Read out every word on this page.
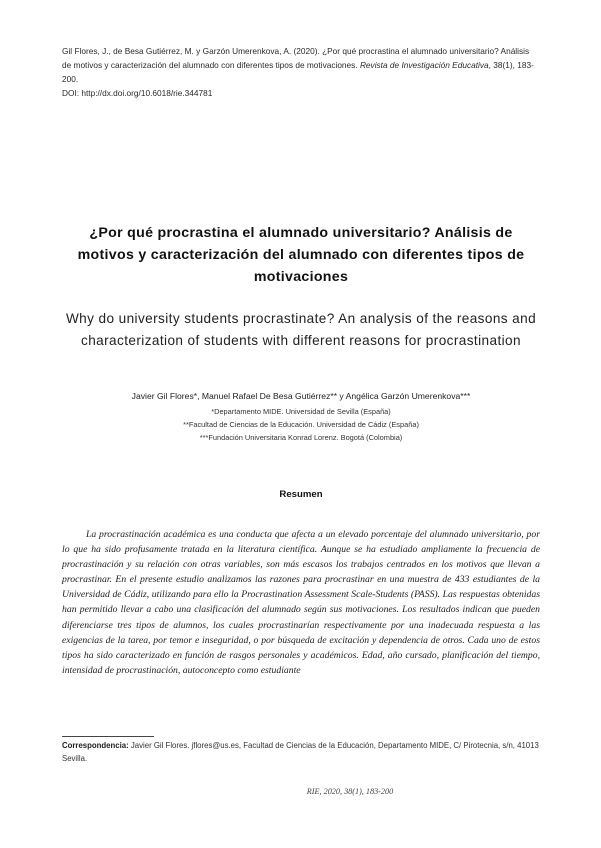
Gil Flores, J., de Besa Gutiérrez, M. y Garzón Umerenkova, A. (2020). ¿Por qué procrastina el alumnado universitario? Análisis de motivos y caracterización del alumnado con diferentes tipos de motivaciones. Revista de Investigación Educativa, 38(1), 183-200.
DOI: http://dx.doi.org/10.6018/rie.344781
¿Por qué procrastina el alumnado universitario? Análisis de motivos y caracterización del alumnado con diferentes tipos de motivaciones
Why do university students procrastinate? An analysis of the reasons and characterization of students with different reasons for procrastination
Javier Gil Flores*, Manuel Rafael De Besa Gutiérrez** y Angélica Garzón Umerenkova***
*Departamento MIDE. Universidad de Sevilla (España)
**Facultad de Ciencias de la Educación. Universidad de Cádiz (España)
***Fundación Universitaria Konrad Lorenz. Bogotá (Colombia)
Resumen
La procrastinación académica es una conducta que afecta a un elevado porcentaje del alumnado universitario, por lo que ha sido profusamente tratada en la literatura científica. Aunque se ha estudiado ampliamente la frecuencia de procrastinación y su relación con otras variables, son más escasos los trabajos centrados en los motivos que llevan a procrastinar. En el presente estudio analizamos las razones para procrastinar en una muestra de 433 estudiantes de la Universidad de Cádiz, utilizando para ello la Procrastination Assessment Scale-Students (PASS). Las respuestas obtenidas han permitido llevar a cabo una clasificación del alumnado según sus motivaciones. Los resultados indican que pueden diferenciarse tres tipos de alumnos, los cuales procrastinarían respectivamente por una inadecuada respuesta a las exigencias de la tarea, por temor e inseguridad, o por búsqueda de excitación y dependencia de otros. Cada uno de estos tipos ha sido caracterizado en función de rasgos personales y académicos. Edad, año cursado, planificación del tiempo, intensidad de procrastinación, autoconcepto como estudiante
Correspondencia: Javier Gil Flores. jflores@us.es, Facultad de Ciencias de la Educación, Departamento MIDE, C/ Pirotecnia, s/n, 41013 Sevilla.
RIE, 2020, 38(1), 183-200
